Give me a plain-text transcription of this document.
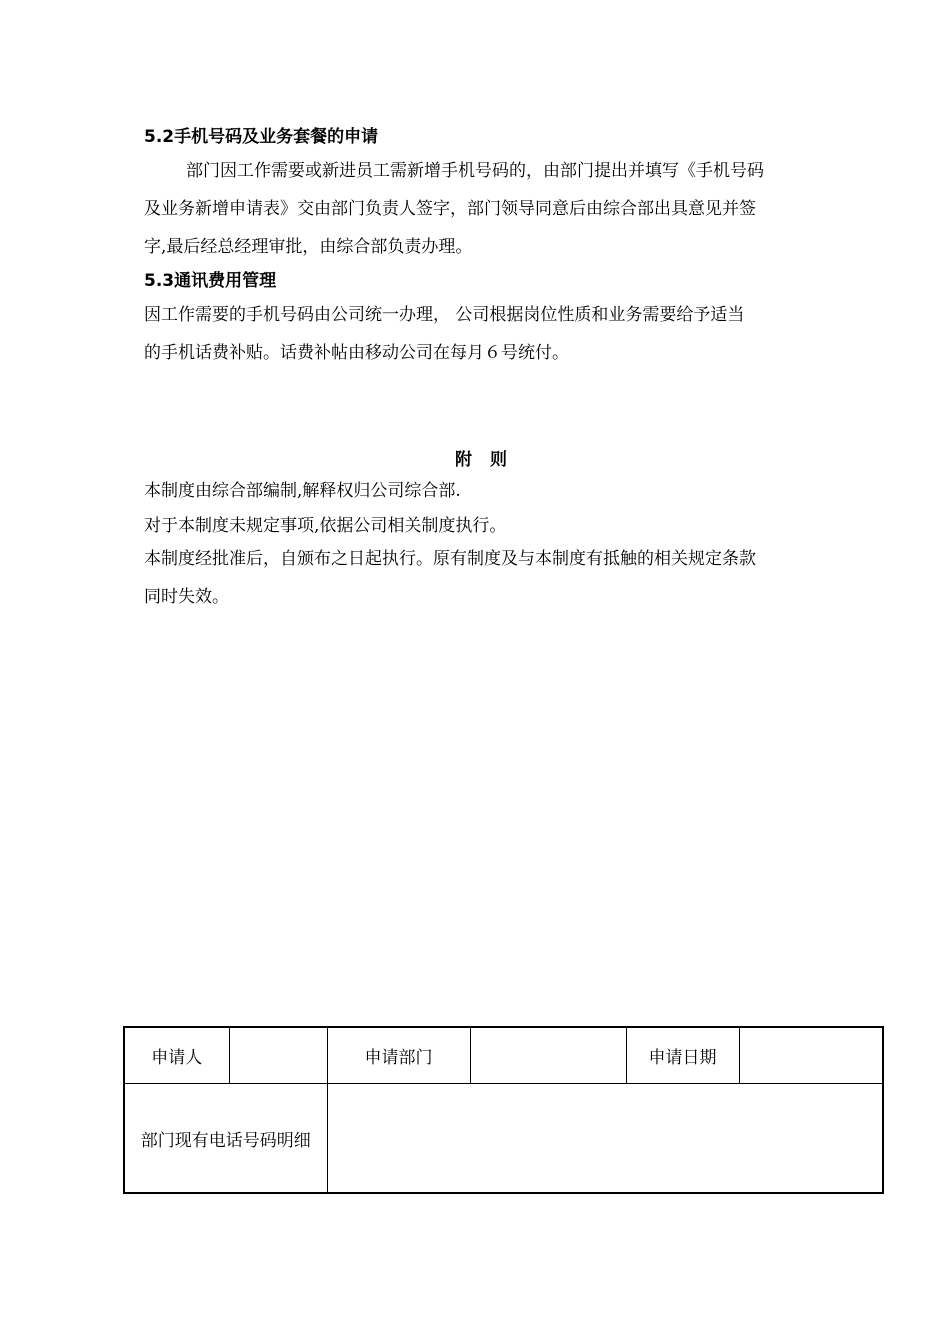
5.2手机号码及业务套餐的申请
部门因工作需要或新进员工需新增手机号码的，由部门提出并填写《手机号码
及业务新增申请表》交由部门负责人签字，部门领导同意后由综合部出具意见并签
字,最后经总经理审批，由综合部负责办理。
5.3通讯费用管理
因工作需要的手机号码由公司统一办理， 公司根据岗位性质和业务需要给予适当
的手机话费补贴。话费补帖由移动公司在每月６号统付。
附则
本制度由综合部编制,解释权归公司综合部.
对于本制度未规定事项,依据公司相关制度执行。
本制度经批准后，自颁布之日起执行。原有制度及与本制度有抵触的相关规定条款
同时失效。
申请人		申请部门		申请日期	
部门现有电话号码明细					
